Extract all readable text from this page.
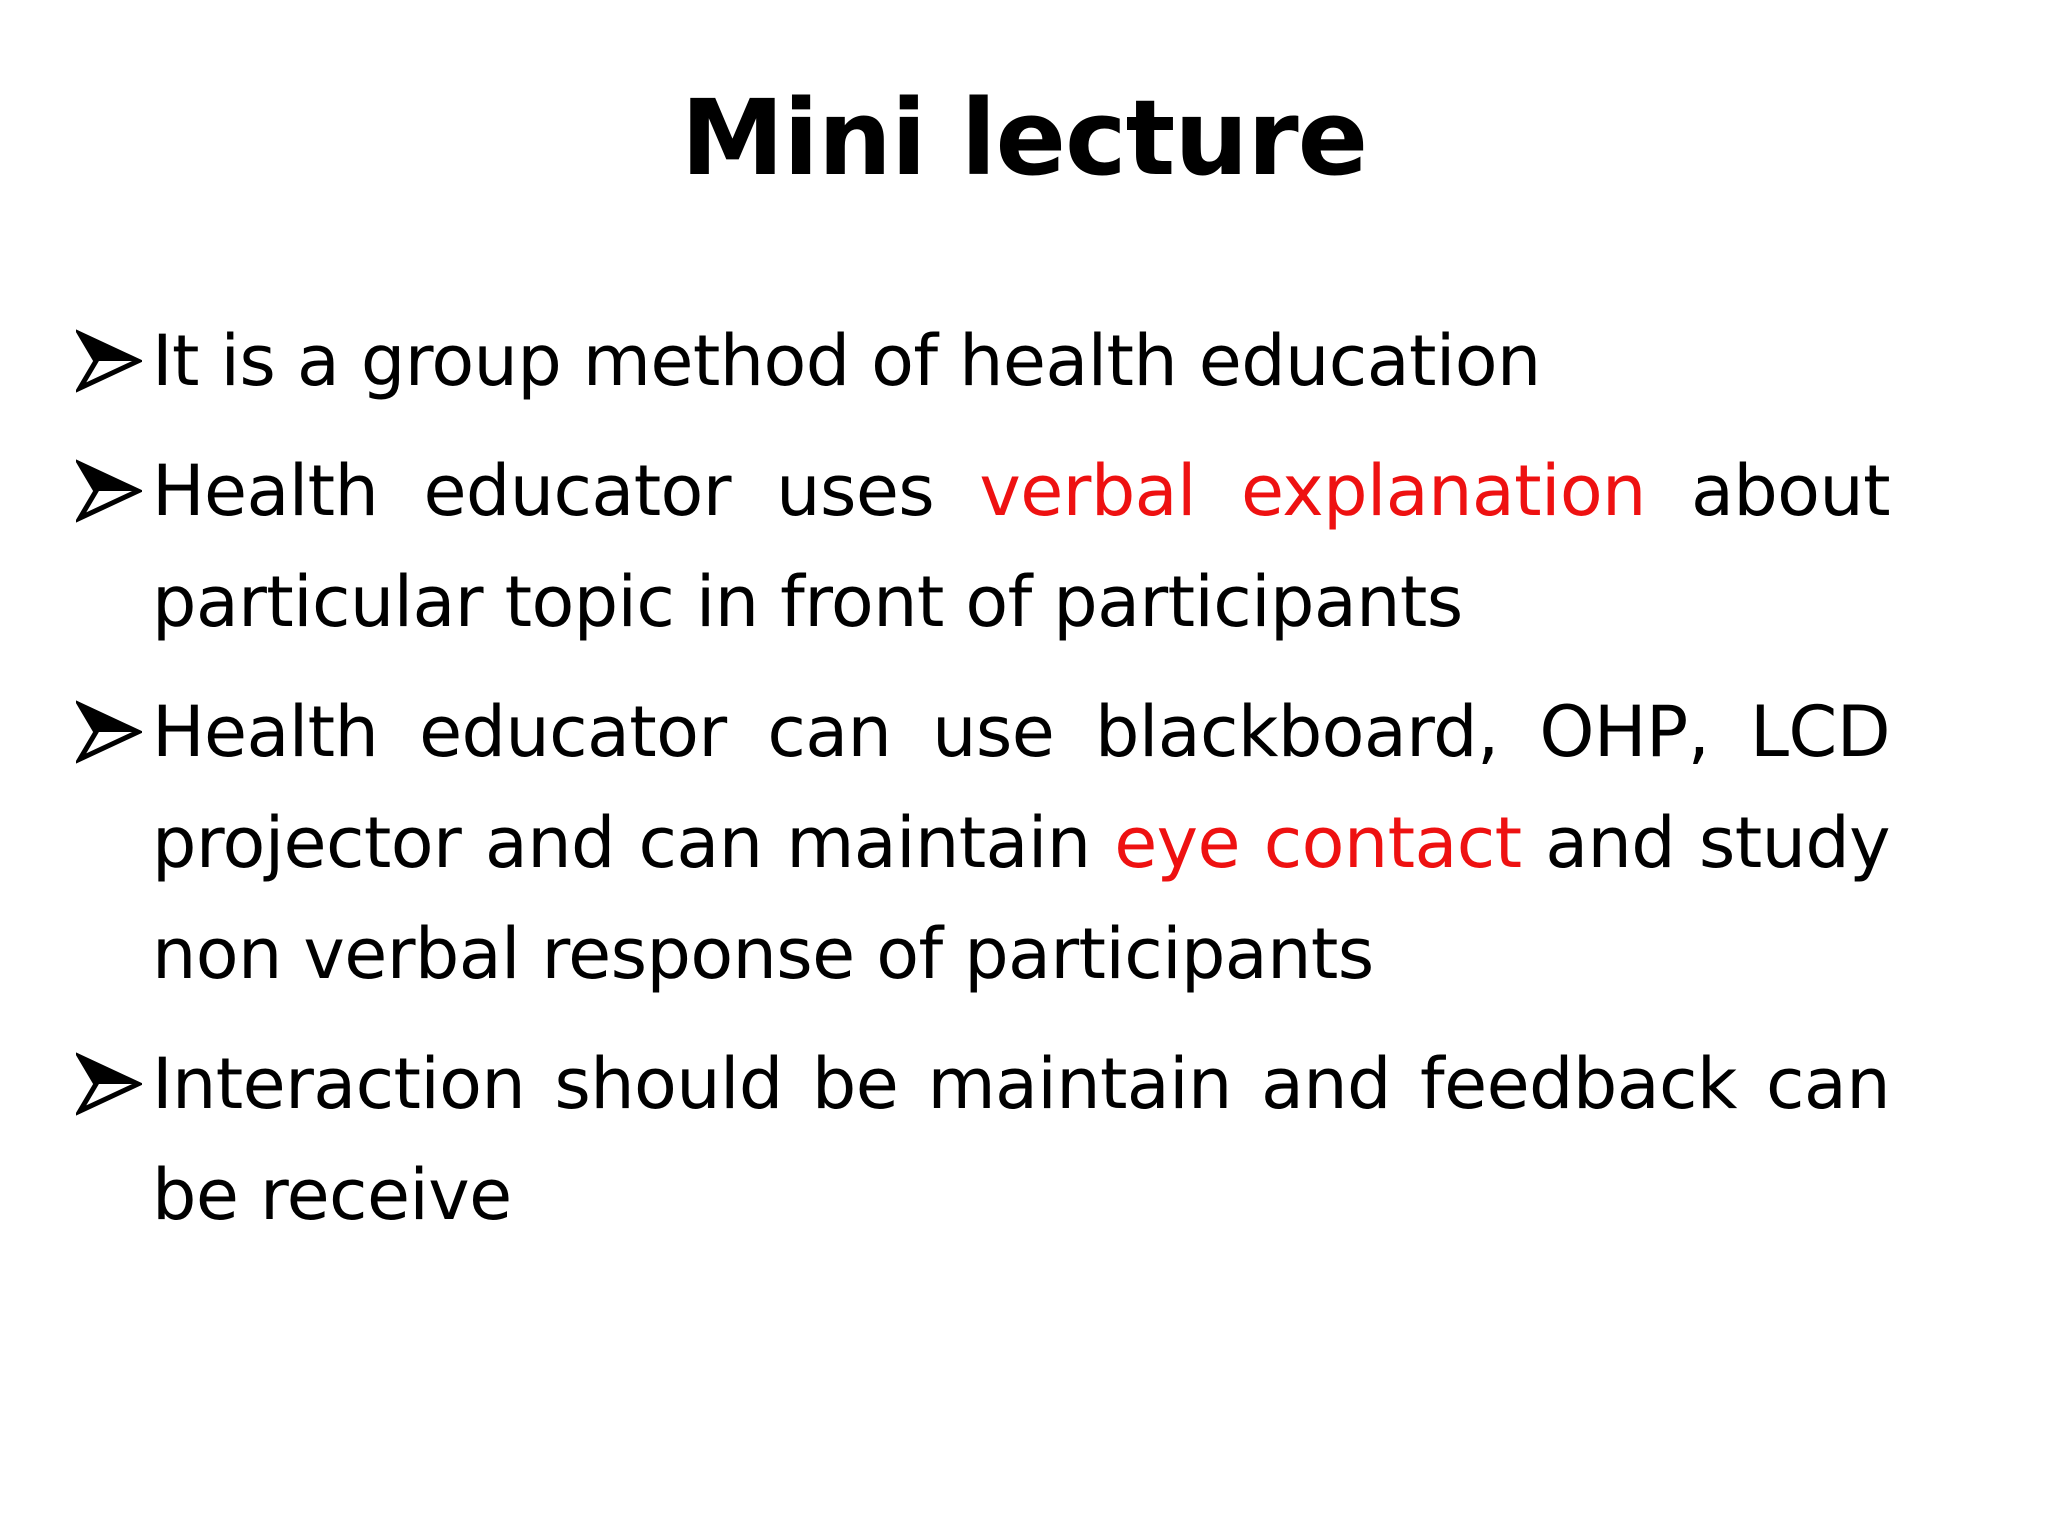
Mini lecture
It is a group method of health education
Health educator uses verbal explanation about particular topic in front of participants
Health educator can use blackboard, OHP, LCD projector and can maintain eye contact and study non verbal response of participants
Interaction should be maintain and feedback can be receive
